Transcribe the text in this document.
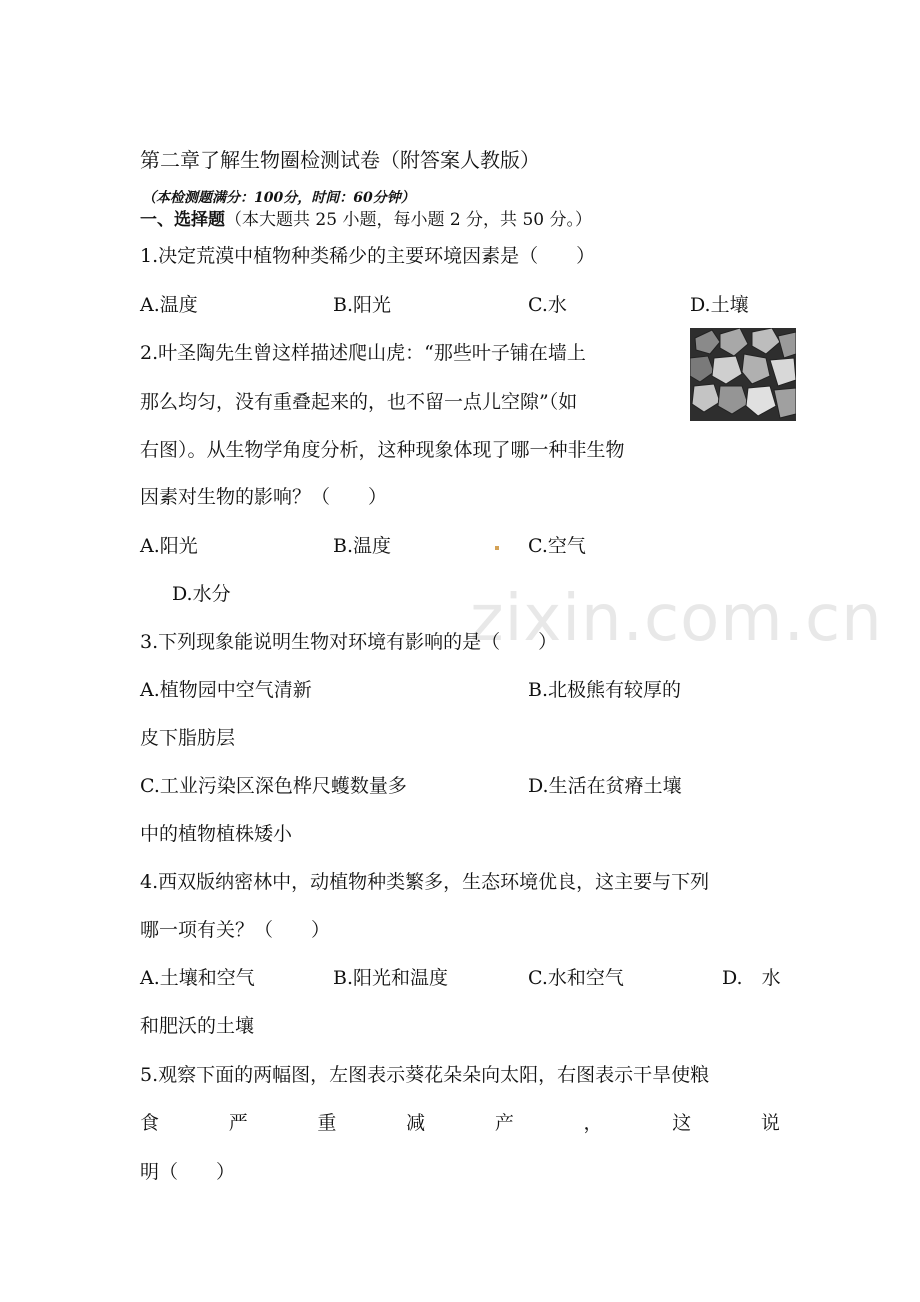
zixin.com.cn
第二章了解生物圈检测试卷（附答案人教版）
（本检测题满分：100分，时间：60分钟）
一、选择题（本大题共 25 小题，每小题 2 分，共 50 分。）
1.决定荒漠中植物种类稀少的主要环境因素是（　　）
A.温度	B.阳光	C.水	D.土壤
2.叶圣陶先生曾这样描述爬山虎：“那些叶子铺在墙上
那么均匀，没有重叠起来的，也不留一点儿空隙”（如
右图）。从生物学角度分析，这种现象体现了哪一种非生物
因素对生物的影响？（　　）
A.阳光	B.温度	C.空气
D.水分
3.下列现象能说明生物对环境有影响的是（　　）
A.植物园中空气清新	B.北极熊有较厚的
皮下脂肪层
C.工业污染区深色桦尺蠖数量多	D.生活在贫瘠土壤
中的植物植株矮小
4.西双版纳密林中，动植物种类繁多，生态环境优良，这主要与下列
哪一项有关？（　　）
A.土壤和空气	B.阳光和温度	C.水和空气	D.　水
和肥沃的土壤
5.观察下面的两幅图，左图表示葵花朵朵向太阳，右图表示干旱使粮
食	严	重	减	产	，	这	说
明（　　）
